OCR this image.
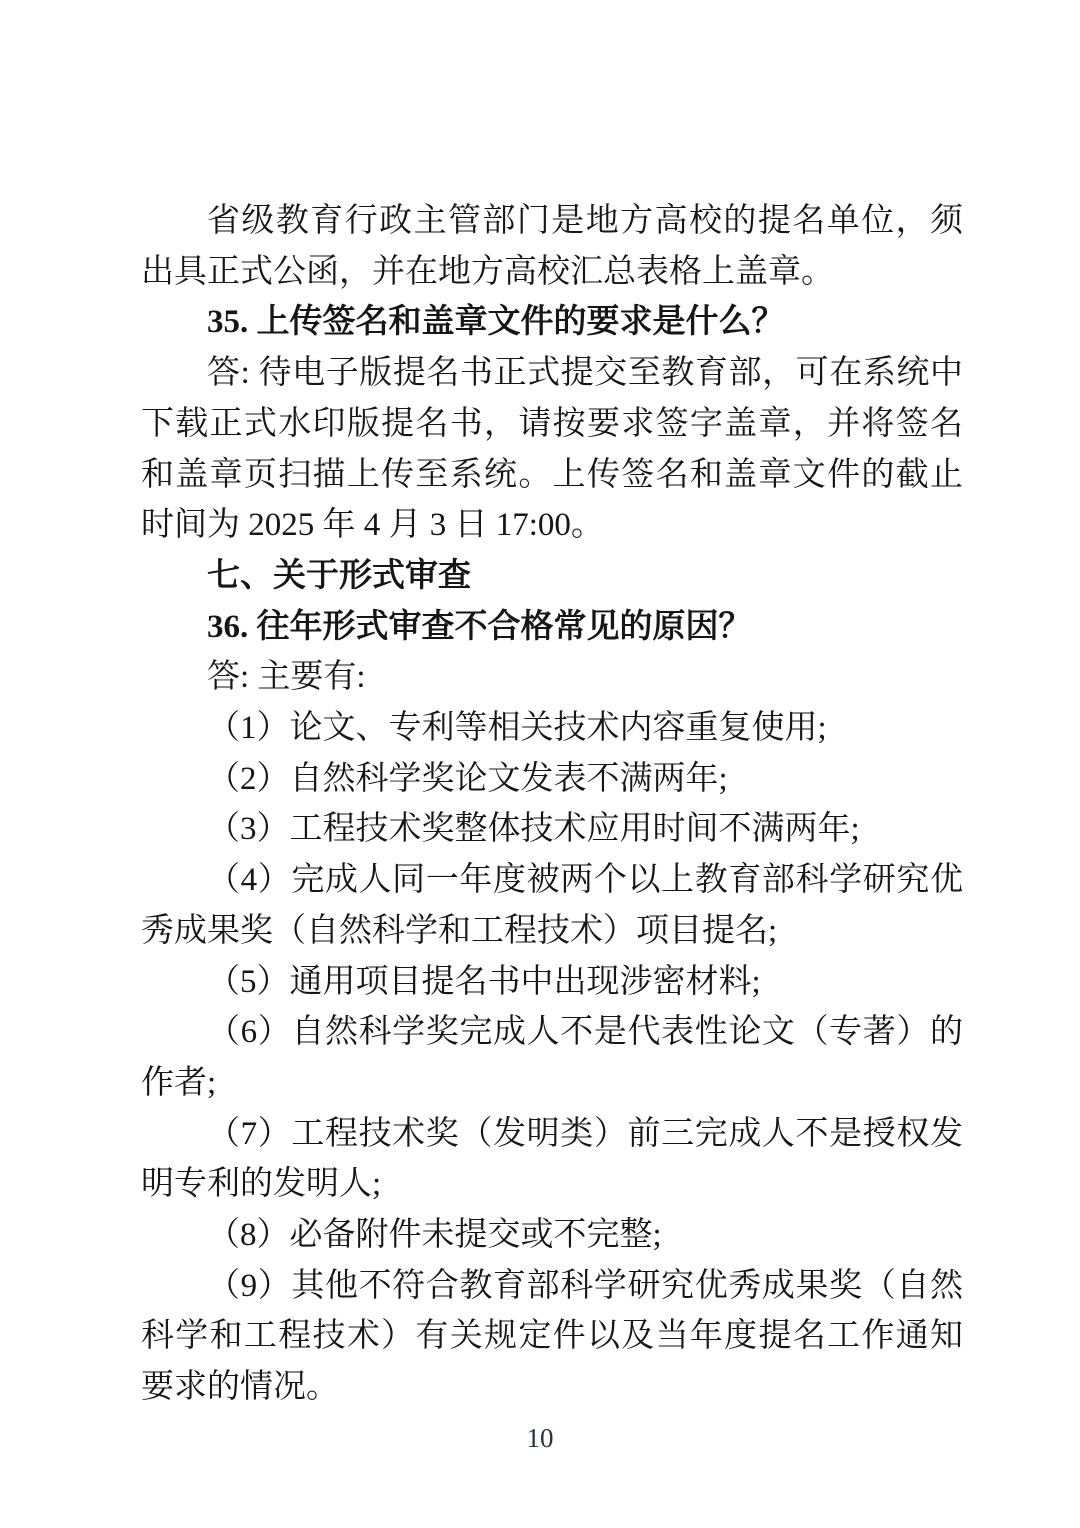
省级教育行政主管部门是地方高校的提名单位，须出具正式公函，并在地方高校汇总表格上盖章。

35. 上传签名和盖章文件的要求是什么？

答: 待电子版提名书正式提交至教育部，可在系统中下载正式水印版提名书，请按要求签字盖章，并将签名和盖章页扫描上传至系统。上传签名和盖章文件的截止时间为 2025 年 4 月 3 日 17:00。

七、关于形式审查

36. 往年形式审查不合格常见的原因？

答: 主要有:

（1）论文、专利等相关技术内容重复使用;

（2）自然科学奖论文发表不满两年;

（3）工程技术奖整体技术应用时间不满两年;

（4）完成人同一年度被两个以上教育部科学研究优秀成果奖（自然科学和工程技术）项目提名;

（5）通用项目提名书中出现涉密材料;

（6）自然科学奖完成人不是代表性论文（专著）的作者;

（7）工程技术奖（发明类）前三完成人不是授权发明专利的发明人;

（8）必备附件未提交或不完整;

（9）其他不符合教育部科学研究优秀成果奖（自然科学和工程技术）有关规定件以及当年度提名工作通知要求的情况。

10
